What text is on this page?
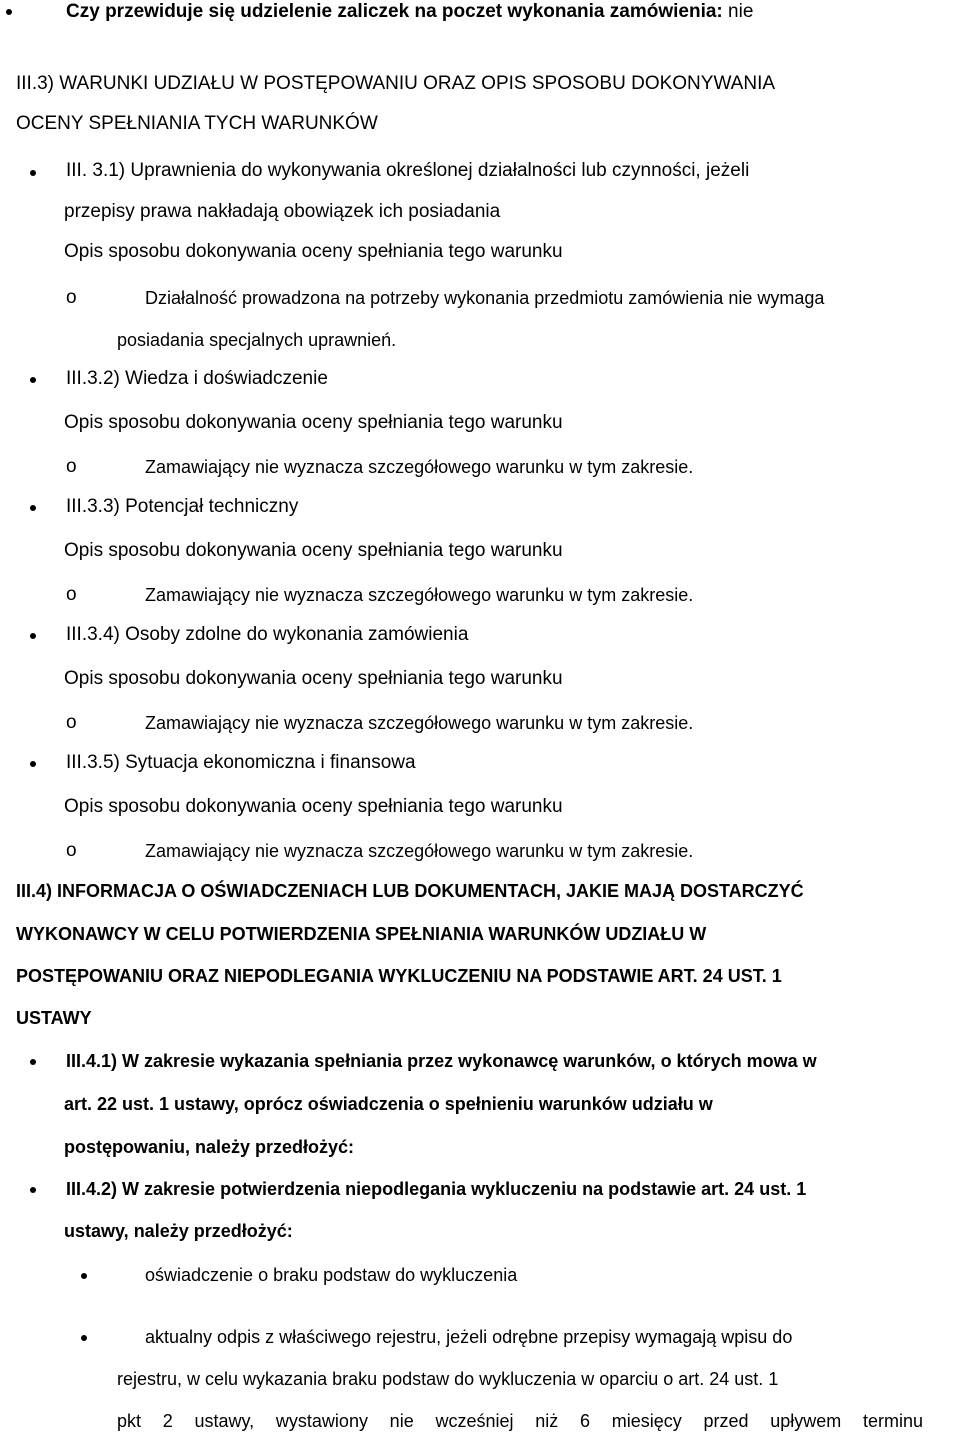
Czy przewiduje się udzielenie zaliczek na poczet wykonania zamówienia: nie
III.3) WARUNKI UDZIAŁU W POSTĘPOWANIU ORAZ OPIS SPOSOBU DOKONYWANIA
OCENY SPEŁNIANIA TYCH WARUNKÓW
III. 3.1) Uprawnienia do wykonywania określonej działalności lub czynności, jeżeli
przepisy prawa nakładają obowiązek ich posiadania
Opis sposobu dokonywania oceny spełniania tego warunku
o	Działalność prowadzona na potrzeby wykonania przedmiotu zamówienia nie wymaga
posiadania specjalnych uprawnień.
III.3.2) Wiedza i doświadczenie
Opis sposobu dokonywania oceny spełniania tego warunku
o	Zamawiający nie wyznacza szczegółowego warunku w tym zakresie.
III.3.3) Potencjał techniczny
Opis sposobu dokonywania oceny spełniania tego warunku
o	Zamawiający nie wyznacza szczegółowego warunku w tym zakresie.
III.3.4) Osoby zdolne do wykonania zamówienia
Opis sposobu dokonywania oceny spełniania tego warunku
o	Zamawiający nie wyznacza szczegółowego warunku w tym zakresie.
III.3.5) Sytuacja ekonomiczna i finansowa
Opis sposobu dokonywania oceny spełniania tego warunku
o	Zamawiający nie wyznacza szczegółowego warunku w tym zakresie.
III.4) INFORMACJA O OŚWIADCZENIACH LUB DOKUMENTACH, JAKIE MAJĄ DOSTARCZYĆ
WYKONAWCY W CELU POTWIERDZENIA SPEŁNIANIA WARUNKÓW UDZIAŁU W
POSTĘPOWANIU ORAZ NIEPODLEGANIA WYKLUCZENIU NA PODSTAWIE ART. 24 UST. 1
USTAWY
III.4.1) W zakresie wykazania spełniania przez wykonawcę warunków, o których mowa w
art. 22 ust. 1 ustawy, oprócz oświadczenia o spełnieniu warunków udziału w
postępowaniu, należy przedłożyć:
III.4.2) W zakresie potwierdzenia niepodlegania wykluczeniu na podstawie art. 24 ust. 1
ustawy, należy przedłożyć:
oświadczenie o braku podstaw do wykluczenia
aktualny odpis z właściwego rejestru, jeżeli odrębne przepisy wymagają wpisu do
rejestru, w celu wykazania braku podstaw do wykluczenia w oparciu o art. 24 ust. 1
pkt 2 ustawy, wystawiony nie wcześniej niż 6 miesięcy przed upływem terminu
